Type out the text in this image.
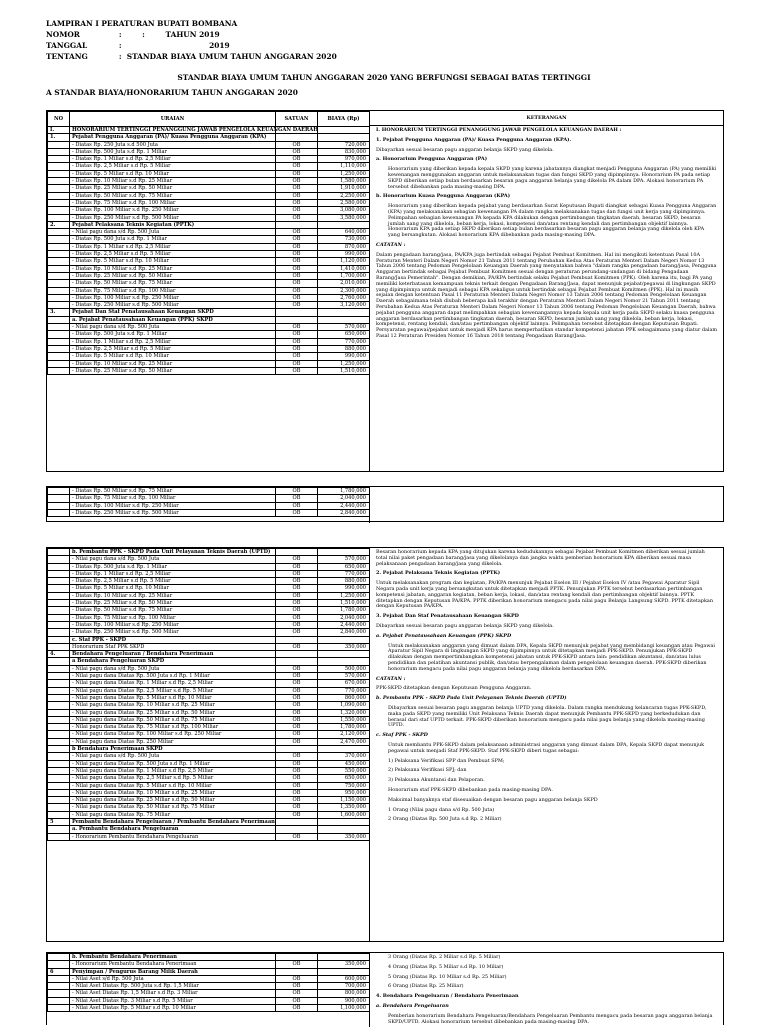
LAMPIRAN I PERATURAN BUPATI BOMBANA
NOMOR	:        :        TAHUN 2019
TANGGAL	:                                  2019
TENTANG	:  STANDAR BIAYA UMUM TAHUN ANGGARAN 2020
STANDAR BIAYA UMUM TAHUN ANGGARAN 2020 YANG BERFUNGSI SEBAGAI BATAS TERTINGGI
A STANDAR BIAYA/HONORARIUM TAHUN ANGGARAN 2020
NO	URAIAN	SATUAN	BIAYA (Rp)
I.	HONORARIUM TERTINGGI PENANGGUNG JAWAB PENGELOLA KEUANGAN DAERAH		
1.	Pejabat Pengguna Anggaran (PA)/ Kuasa Pengguna Anggaran (KPA)		
	- Diatas Rp. 250 Juta s.d 500 Juta	OB	720,000
	- Diatas Rp. 500 Juta s.d Rp. 1 Miliar	OB	830,000
	- Diatas Rp. 1 Miliar s.d Rp. 2,5 Miliar	OB	970,000
	- Diatas Rp. 2,5 Miliar s.d Rp. 5 Miliar	OB	1,110,000
	- Diatas Rp. 5 Miliar s.d Rp. 10 Miliar	OB	1,250,000
	- Diatas Rp. 10 Miliar s.d Rp. 25 Miliar	OB	1,580,000
	- Diatas Rp. 25 Miliar s.d Rp. 50 Miliar	OB	1,910,000
	- Diatas Rp. 50 Miliar s.d Rp. 75 Miliar	OB	2,250,000
	- Diatas Rp. 75 Miliar s.d Rp. 100 Miliar	OB	2,580,000
	- Diatas Rp. 100 Miliar s.d Rp. 250 Miliar	OB	3,080,000
	- Diatas Rp. 250 Miliar s.d Rp. 500 Miliar	OB	3,580,000
2.	Pejabat Pelaksana Teknis Kegiatan (PPTK)		
	- Nilai pagu dana s/d Rp. 500 Juta	OB	640,000
	- Diatas Rp. 500 Juta s.d Rp. 1 Miliar	OB	730,000
	- Diatas Rp. 1 Miliar s.d Rp. 2,5 Miliar	OB	870,000
	- Diatas Rp. 2,5 Miliar s.d Rp. 5 Miliar	OB	990,000
	- Diatas Rp. 5 Miliar s.d Rp. 10 Miliar	OB	1,120,000
	- Diatas Rp. 10 Miliar s.d Rp. 25 Miliar	OB	1,410,000
	- Diatas Rp. 25 Miliar s.d Rp. 50 Miliar	OB	1,700,000
	- Diatas Rp. 50 Miliar s.d Rp. 75 Miliar	OB	2,010,000
	- Diatas Rp. 75 Miliar s.d Rp. 100 Miliar	OB	2,300,000
	- Diatas Rp. 100 Miliar s.d Rp. 250 Miliar	OB	2,760,000
	- Diatas Rp. 250 Miliar s.d Rp. 500 Miliar	OB	3,120,000
3.	Pejabat Dan Staf Penatausahaan Keuangan SKPD		
	a. Pejabat Penatausahaan Keuangan (PPK) SKPD		
	- Nilai pagu dana s/d Rp. 500 Juta	OB	570,000
	- Diatas Rp. 500 Juta s.d Rp. 1 Miliar	OB	650,000
	- Diatas Rp. 1 Miliar s.d Rp. 2,5 Miliar	OB	770,000
	- Diatas Rp. 2,5 Miliar s.d Rp. 5 Miliar	OB	880,000
	- Diatas Rp. 5 Miliar s.d Rp. 10 Miliar	OB	990,000
	- Diatas Rp. 10 Miliar s.d Rp. 25 Miliar	OB	1,250,000
	- Diatas Rp. 25 Miliar s.d Rp. 50 Miliar	OB	1,510,000
KETERANGAN

I. HONORARIUM TERTINGGI PENANGGUNG JAWAB PENGELOLA KEUANGAN DAERAH :

1. Pejabat Pengguna Anggaran (PA)/ Kuasa Pengguna Anggaran (KPA).

Dibayarkan sesuai besaran pagu anggaran belanja SKPD yang dikelola.

a. Honorarium Pengguna Anggaran (PA)

Honorarium yang diberikan kepada kepala SKPD yang karena jabatannya diangkat menjadi Pengguna Anggaran (PA) yang memiliki kewenangan menggunakan anggaran untuk melaksanakan tugas dan fungsi SKPD yang dipimpinnya. Honorarium PA pada setiap SKPD diberikan setiap bulan berdasarkan besaran pagu anggaran belanja yang dikelola PA dalam DPA. Alokasi honorarium PA tersebut dibebankan pada masing-masing DPA.

b. Honorarium Kuasa Pengguna Anggaran (KPA)

Honorarium yang diberikan kepada pejabat yang berdasarkan Surat Keputusan Bupati diangkat sebagai Kuasa Pengguna Anggaran (KPA) yang melaksanakan sebagian kewenangan PA dalam rangka melaksanakan tugas dan fungsi unit kerja yang dipimpinnya. Pelimpahan sebagian kewenangan PA kepada KPA dilakukan dengan pertimbangan tingkatan daerah, besaran SKPD, besaran jumlah uang yang dikelola, beban kerja, lokasi, kompetensi dan/atau rentang kendali dan pertimbangan objektif lainnya. Honorarium KPA pada setiap SKPD diberikan setiap bulan berdasarkan besaran pagu anggaran belanja yang dikelola oleh KPA yang bersangkutan. Alokasi honorarium KPA dibebankan pada masing-masing DPA.

CATATAN :

Dalam pengadaan barang/jasa, PA/KPA juga bertindak sebagai Pejabat Pembuat Komitmen. Hal ini mengikuti ketentuan Pasal 10A Peraturan Menteri Dalam Negeri Nomor 21 Tahun 2011 tentang Perubahan Kedua Atas Peraturan Menteri Dalam Negeri Nomor 13 Tahun 2006 tentang Pedoman Pengelolaan Keuangan Daerah yang menyatakan bahwa "dalam rangka pengadaan barang/jasa, Pengguna Anggaran bertindak sebagai Pejabat Pembuat Komitmen sesuai dengan peraturan perundang-undangan di bidang Pengadaan Barang/Jasa Pemerintah". Dengan demikian, PA/KPA bertindak selaku Pejabat Pembuat Komitmen (PPK). Oleh karena itu, bagi PA yang memiliki keterbatasan kemampuan teknis terkait dengan Pengadaan Barang/Jasa, dapat menunjuk pejabat/pegawai di lingkungan SKPD yang dipimpinnya untuk menjadi sebagai KPA sekaligus untuk bertindak sebagai Pejabat Pembuat Komitmen (PPK). Hal ini masih sejalan dengan ketentuan Pasal 11 Peraturan Menteri Dalam Negeri Nomor 13 Tahun 2006 tentang Pedoman Pengelolaan Keuangan Daerah sebagaimana telah diubah beberapa kali terakhir dengan Peraturan Menteri Dalam Negeri Nomor 21 Tahun 2011 tentang Perubahan Kedua Atas Peraturan Menteri Dalam Negeri Nomor 13 Tahun 2006 tentang Pedoman Pengelolaan Keuangan Daerah, bahwa pejabat pengguna anggaran dapat melimpahkan sebagian kewenangannya kepada kepala unit kerja pada SKPD selaku kuasa pengguna anggaran berdasarkan pertimbangan tingkatan daerah, besaran SKPD, besaran jumlah uang yang dikelola, beban kerja, lokasi, kompetensi, rentang kendali, dan/atau pertimbangan objektif lainnya. Pelimpahan tersebut ditetapkan dengan Keputusan Bupati. Persyaratan pegawai/pejabat untuk menjadi KPA harus memperhatikan standar kompetensi jabatan PPK sebagaimana yang diatur dalam Pasal 12 Peraturan Presiden Nomor 16 Tahun 2018 tentang Pengadaan Barang/Jasa.

	- Diatas Rp. 50 Miliar s.d Rp. 75 Miliar	OB	1,780,000
	- Diatas Rp. 75 Miliar s.d Rp. 100 Miliar	OB	2,040,000
	- Diatas Rp. 100 Miliar s.d Rp. 250 Miliar	OB	2,440,000
	- Diatas Rp. 250 Miliar s.d Rp. 500 Miliar	OB	2,840,000
	b. Pembantu PPK - SKPD Pada Unit Pelayanan Teknis Daerah (UPTD)		
	- Nilai pagu dana s/d Rp. 500 Juta	OB	570,000
	- Diatas Rp. 500 Juta s.d Rp. 1 Miliar	OB	650,000
	- Diatas Rp. 1 Miliar s.d Rp. 2,5 Miliar	OB	770,000
	- Diatas Rp. 2,5 Miliar s.d Rp. 5 Miliar	OB	880,000
	- Diatas Rp. 5 Miliar s.d Rp. 10 Miliar	OB	990,000
	- Diatas Rp. 10 Miliar s.d Rp. 25 Miliar	OB	1,250,000
	- Diatas Rp. 25 Miliar s.d Rp. 50 Miliar	OB	1,510,000
	- Diatas Rp. 50 Miliar s.d Rp. 75 Miliar	OB	1,780,000
	- Diatas Rp. 75 Miliar s.d Rp. 100 Miliar	OB	2,040,000
	- Diatas Rp. 100 Miliar s.d Rp. 250 Miliar	OB	2,440,000
	- Diatas Rp. 250 Miliar s.d Rp. 500 Miliar	OB	2,840,000
	c. Staf PPK - SKPD		
	Honorarium Staf PPK SKPD	OB	350,000
4.	Bendahara Pengeluaran / Bendahara Penerimaan		
	a Bendahara Pengeluaran SKPD		
	- Nilai pagu dana s/d Rp. 500 Juta	OB	500,000
	- Nilai pagu dana Diatas Rp. 500 Juta s.d Rp. 1 Miliar	OB	570,000
	- Nilai pagu dana Diatas Rp. 1 Miliar s.d Rp. 2,5 Miliar	OB	670,000
	- Nilai pagu dana Diatas Rp. 2,5 Miliar s.d Rp. 5 Miliar	OB	770,000
	- Nilai pagu dana Diatas Rp. 5 Miliar s.d Rp. 10 Miliar	OB	860,000
	- Nilai pagu dana Diatas Rp. 10 Miliar s.d Rp. 25 Miliar	OB	1,090,000
	- Nilai pagu dana Diatas Rp. 25 Miliar s.d Rp. 50 Miliar	OB	1,320,000
	- Nilai pagu dana Diatas Rp. 50 Miliar s.d Rp. 75 Miliar	OB	1,550,000
	- Nilai pagu dana Diatas Rp. 75 Miliar s.d Rp. 100 Miliar	OB	1,780,000
	- Nilai pagu dana Diatas Rp. 100 Miliar s.d Rp. 250 Miliar	OB	2,120,000
	- Nilai pagu dana Diatas Rp. 250 Miliar	OB	2,470,000
	b Bendahara Penerimaan SKPD		
	- Nilai pagu dana s/d Rp. 500 Juta	OB	370,000
	- Nilai pagu dana Diatas Rp. 500 Juta s.d Rp. 1 Miliar	OB	450,000
	- Nilai pagu dana Diatas Rp. 1 Miliar s.d Rp. 2,5 Miliar	OB	550,000
	- Nilai pagu dana Diatas Rp. 2,5 Miliar s.d Rp. 5 Miliar	OB	650,000
	- Nilai pagu dana Diatas Rp. 5 Miliar s.d Rp. 10 Miliar	OB	750,000
	- Nilai pagu dana Diatas Rp. 10 Miliar s.d Rp. 25 Miliar	OB	950,000
	- Nilai pagu dana Diatas Rp. 25 Miliar s.d Rp. 50 Miliar	OB	1,150,000
	- Nilai pagu dana Diatas Rp. 50 Miliar s.d Rp. 75 Miliar	OB	1,350,000
	- Nilai pagu dana Diatas Rp. 75 Miliar	OB	1,600,000
5	Pembantu Bendahara Pengeluaran / Pembantu Bendahara Penerimaan		
	a. Pembantu Bendahara Pengeluaran		
	- Honorarium Pembantu Bendahara Pengeluaran	OB	350,000

Besaran honorarium kepada KPA yang ditujukan karena kedudukannya sebagai Pejabat Pembuat Komitmen diberikan sesuai jumlah total nilai paket pengadaan barang/jasa yang dikelolanya dan jangka waktu pemberian honorarium KPA diberikan sesuai masa pelaksanaan pengadaan barang/jasa yang dikelola.

2. Pejabat Pelaksana Teknis Kegiatan (PPTK)

Untuk melaksanakan program dan kegiatan, PA/KPA menunjuk Pejabat Eselon III / Pejabat Eselon IV /atau Pegawai Aparatur Sipil Negara pada unit kerja yang bersangkutan untuk ditetapkan menjadi PPTK. Penunjukan PPTK tersebut berdasarkan pertimbangan kompetensi jabatan, anggaran kegiatan, beban kerja, lokasi, dan/atau rentang kendali dan pertimbangan objektif lainnya. PPTK ditetapkan dengan Keputusan PA/KPA. PPTK diberikan honorarium mengacu pada nilai pagu Belanja Langsung SKPD. PPTK ditetapkan dengan Keputusan PA/KPA.

3. Pejabat Dan Staf Penatausahaan Keuangan SKPD

Dibayarkan sesuai besaran pagu anggaran belanja SKPD yang dikelola.

a. Pejabat Penatausahaan Keuangan (PPK) SKPD

Untuk melaksanakan anggaran yang dimuat dalam DPA, Kepala SKPD menunjuk pejabat yang membidangi keuangan atau Pegawai Aparatur Sipil Negara di lingkungan SKPD yang dipimpinnya untuk ditetapkan menjadi PPK-SKPD. Penunjukan PPK-SKPD dilakukan dengan mempertimbangkan kompetensi jabatan untuk PPK-SKPD antara lain: pendidikan akuntansi, dan/atau lulus pendidikan dan pelatihan akuntansi publik, dan/atau berpengalaman dalam pengelolaan keuangan daerah. PPK-SKPD diberikan honorarium mengacu pada nilai pagu anggaran belanja yang dikelola berdasarkan DPA.

CATATAN :

PPK-SKPD ditetapkan dengan Keputusan Pengguna Anggaran.

b. Pembantu PPK - SKPD Pada Unit Pelayanan Teknis Daerah (UPTD)

Dibayarkan sesuai besaran pagu anggaran belanja UPTD yang dikelola. Dalam rangka mendukung kelancaran tugas PPK-SKPD, maka pada SKPD yang memiliki Unit Pelaksana Teknis Daerah dapat menunjuk Pembantu PPK-SKPD yang berkedudukan dan berasal dari staf UPTD terkait. PPK-SKPD diberikan honorarium mengacu pada nilai pagu belanja yang dikelola masing-masing UPTD.

c. Staf PPK - SKPD

Untuk membantu PPK-SKPD dalam pelaksanaan administrasi anggaran yang dimuat dalam DPA, Kepala SKPD dapat menunjuk pegawai untuk menjadi Staf PPK-SKPD. Staf PPK-SKPD diberi tugas sebagai:

1) Pelaksana Verifikasi SPP dan Pembuat SPM;

2) Pelaksana Verifikasi SPJ; dan

3) Pelaksana Akuntansi dan Pelaporan.

Honorarium staf PPK-SKPD dibebankan pada masing-masing DPA.

Maksimal banyaknya staf disesuaikan dengan besaran pagu anggaran belanja SKPD

1 Orang (Nilai pagu dana s/d Rp. 500 Juta)

2 Orang (Diatas Rp. 500 Juta s.d Rp. 2 Miliar)

	b. Pembantu Bendahara Penerimaan		
	- Honorarium Pembantu Bendahara Penerimaan	OB	350,000
6	Penyimpan / Pengurus Barang Milik Daerah		
	- Nilai Aset s/d Rp. 500 Juta	OB	600,000
	- Nilai Aset Diatas Rp. 500 Juta s.d Rp. 1,5 Miliar	OB	700,000
	- Nilai Aset Diatas Rp. 1,5 Miliar s.d Rp. 3 Miliar	OB	800,000
	- Nilai Aset Diatas Rp. 3 Miliar s.d Rp. 5 Miliar	OB	900,000
	- Nilai Aset Diatas Rp. 5 Miliar s.d Rp. 10 Miliar	OB	1,100,000

3 Orang (Diatas Rp. 2 Miliar s.d Rp. 5 Miliar)

4 Orang (Diatas Rp. 5 Miliar s.d Rp. 10 Miliar)

5 Orang (Diatas Rp. 10 Miliar s.d Rp. 25 Miliar)

6 Orang (Diatas Rp. 25 Miliar)

4. Bendahara Pengeluaran / Bendahara Penerimaan

a. Bendahara Pengeluaran

Pemberian honorarium Bendahara Pengeluaran/Bendahara Pengeluaran Pembantu mengacu pada besaran pagu anggaran belanja SKPD/UPTD. Alokasi honorarium tersebut dibebankan pada masing-masing DPA.
